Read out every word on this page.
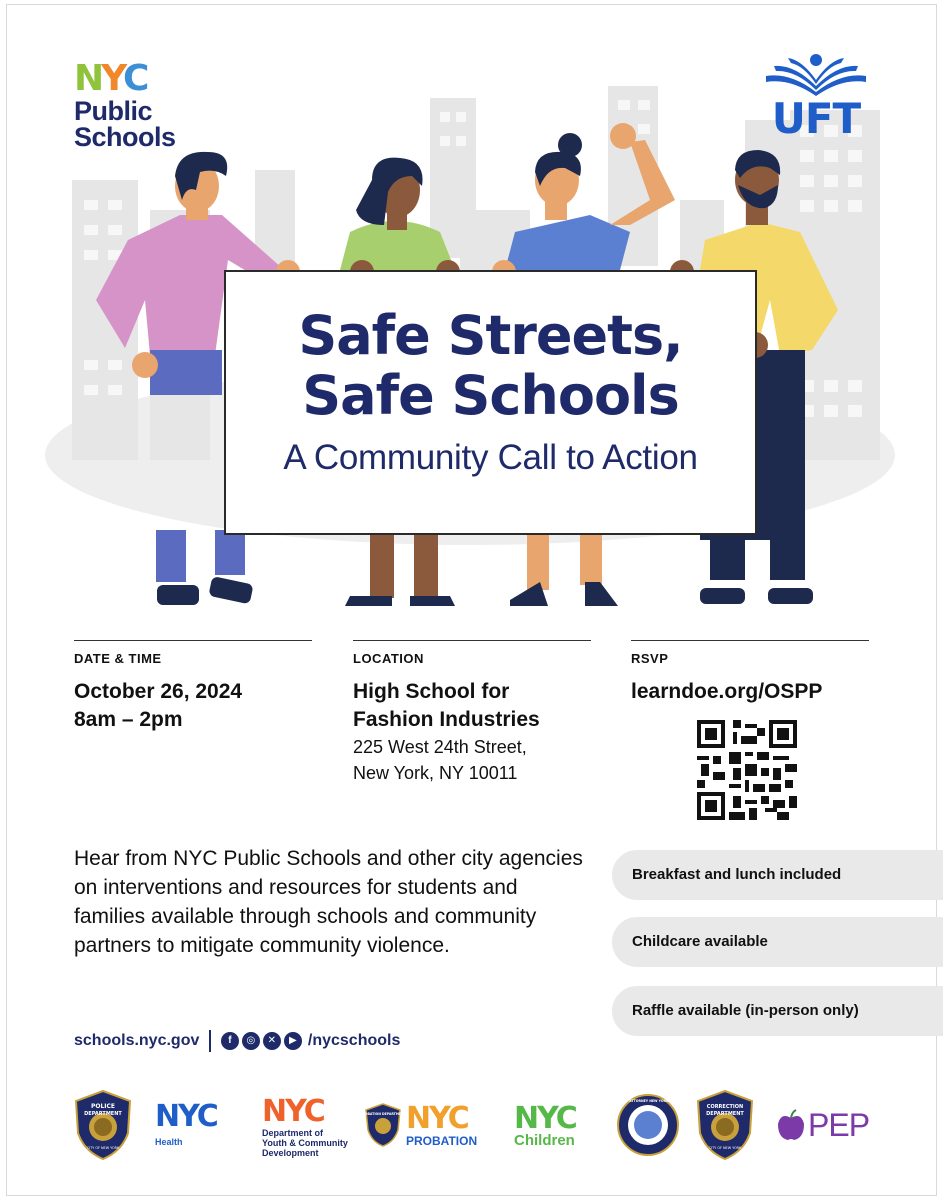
NYC
Public
Schools	UFT
Safe Streets,
Safe Schools
A Community Call to Action
DATE & TIME
October 26, 2024
8am – 2pm
LOCATION
High School for
Fashion Industries
225 West 24th Street,
New York, NY 10011
RSVP
learndoe.org/OSPP
Hear from NYC Public Schools and other city agencies on interventions and resources for students and families available through schools and community partners to mitigate community violence.
Breakfast and lunch included
Childcare available
Raffle available (in-person only)
schools.nyc.gov	f	◎	✕	▶ /nycschools
POLICE
DEPARTMENT
CITY OF NEW YORK
NYC
Health
NYC
Department of
Youth & Community
Development
PROBATION DEPARTMENT NYC
PROBATION
NYC
Children
DISTRICT ATTORNEY NEW YORK COUNTY
CORRECTION
DEPARTMENT
CITY OF NEW YORK
PEP
